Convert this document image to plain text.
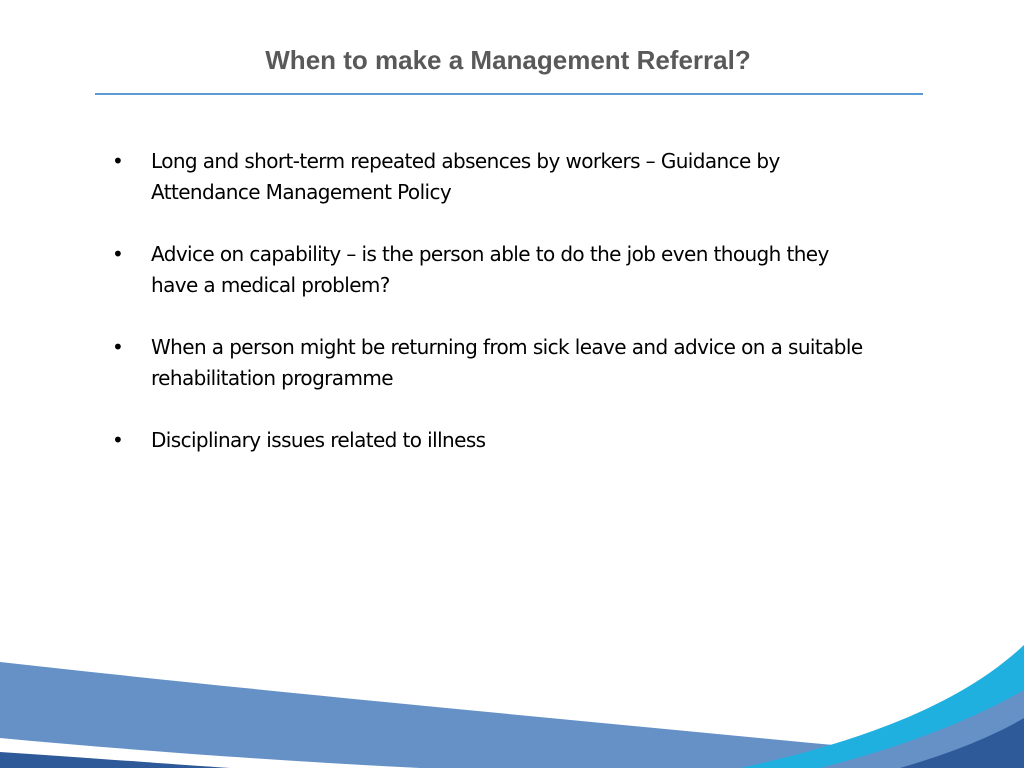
When to make a Management Referral?
•	Long and short-term repeated absences by workers – Guidance by Attendance Management Policy
•	Advice on capability – is the person able to do the job even though they have a medical problem?
•	When a person might be returning from sick leave and advice on a suitable rehabilitation programme
•	Disciplinary issues related to illness
